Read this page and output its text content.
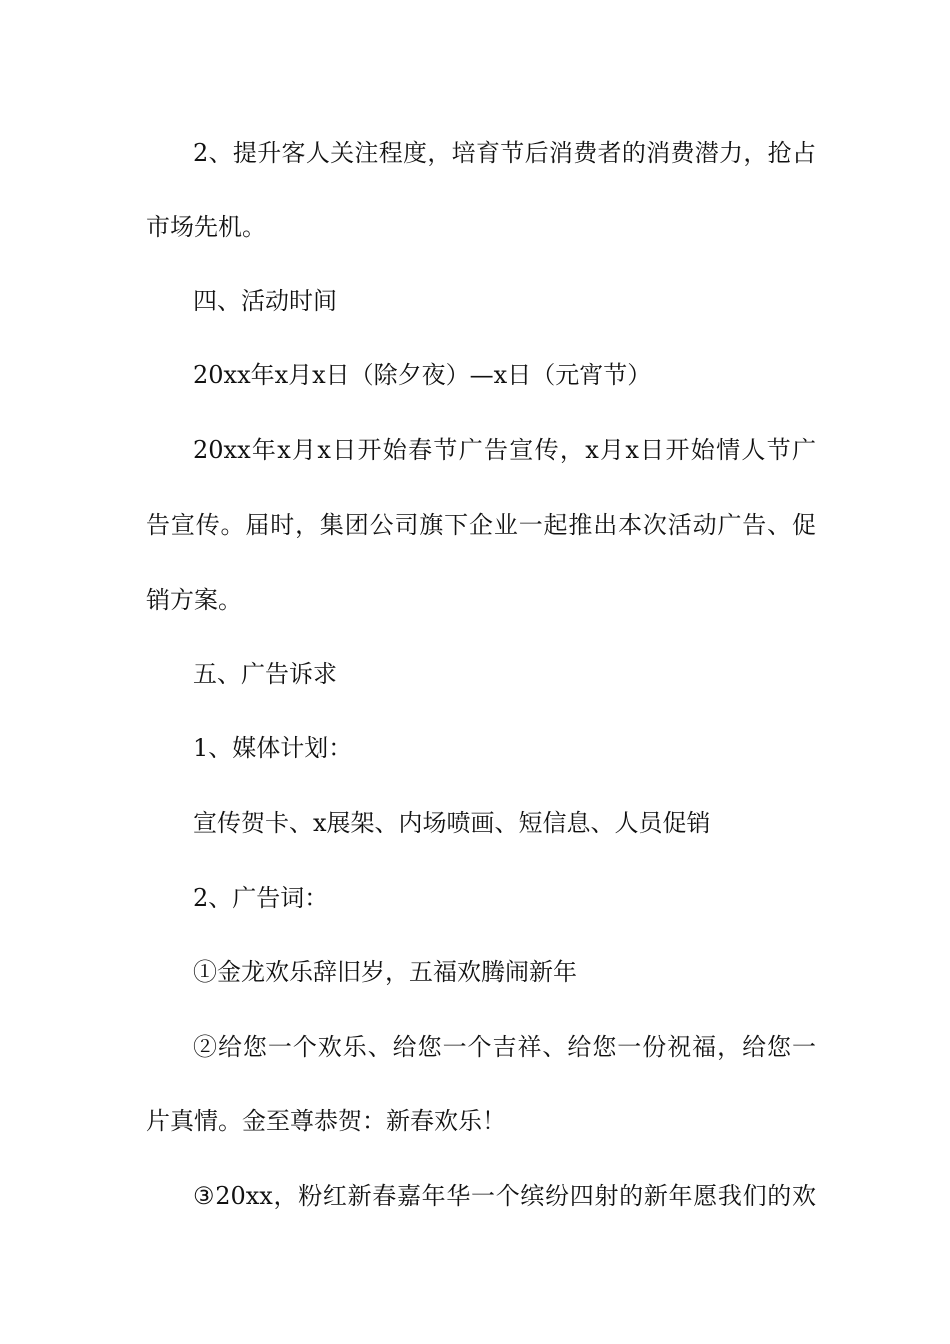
2、提升客人关注程度，培育节后消费者的消费潜力，抢占
市场先机。
四、活动时间
20xx年x月x日（除夕夜）—x日（元宵节）
20xx年x月x日开始春节广告宣传，x月x日开始情人节广
告宣传。届时，集团公司旗下企业一起推出本次活动广告、促
销方案。
五、广告诉求
1、媒体计划：
宣传贺卡、x展架、内场喷画、短信息、人员促销
2、广告词：
①金龙欢乐辞旧岁，五福欢腾闹新年
②给您一个欢乐、给您一个吉祥、给您一份祝福，给您一
片真情。金至尊恭贺：新春欢乐！
③20xx，粉红新春嘉年华一个缤纷四射的新年愿我们的欢
